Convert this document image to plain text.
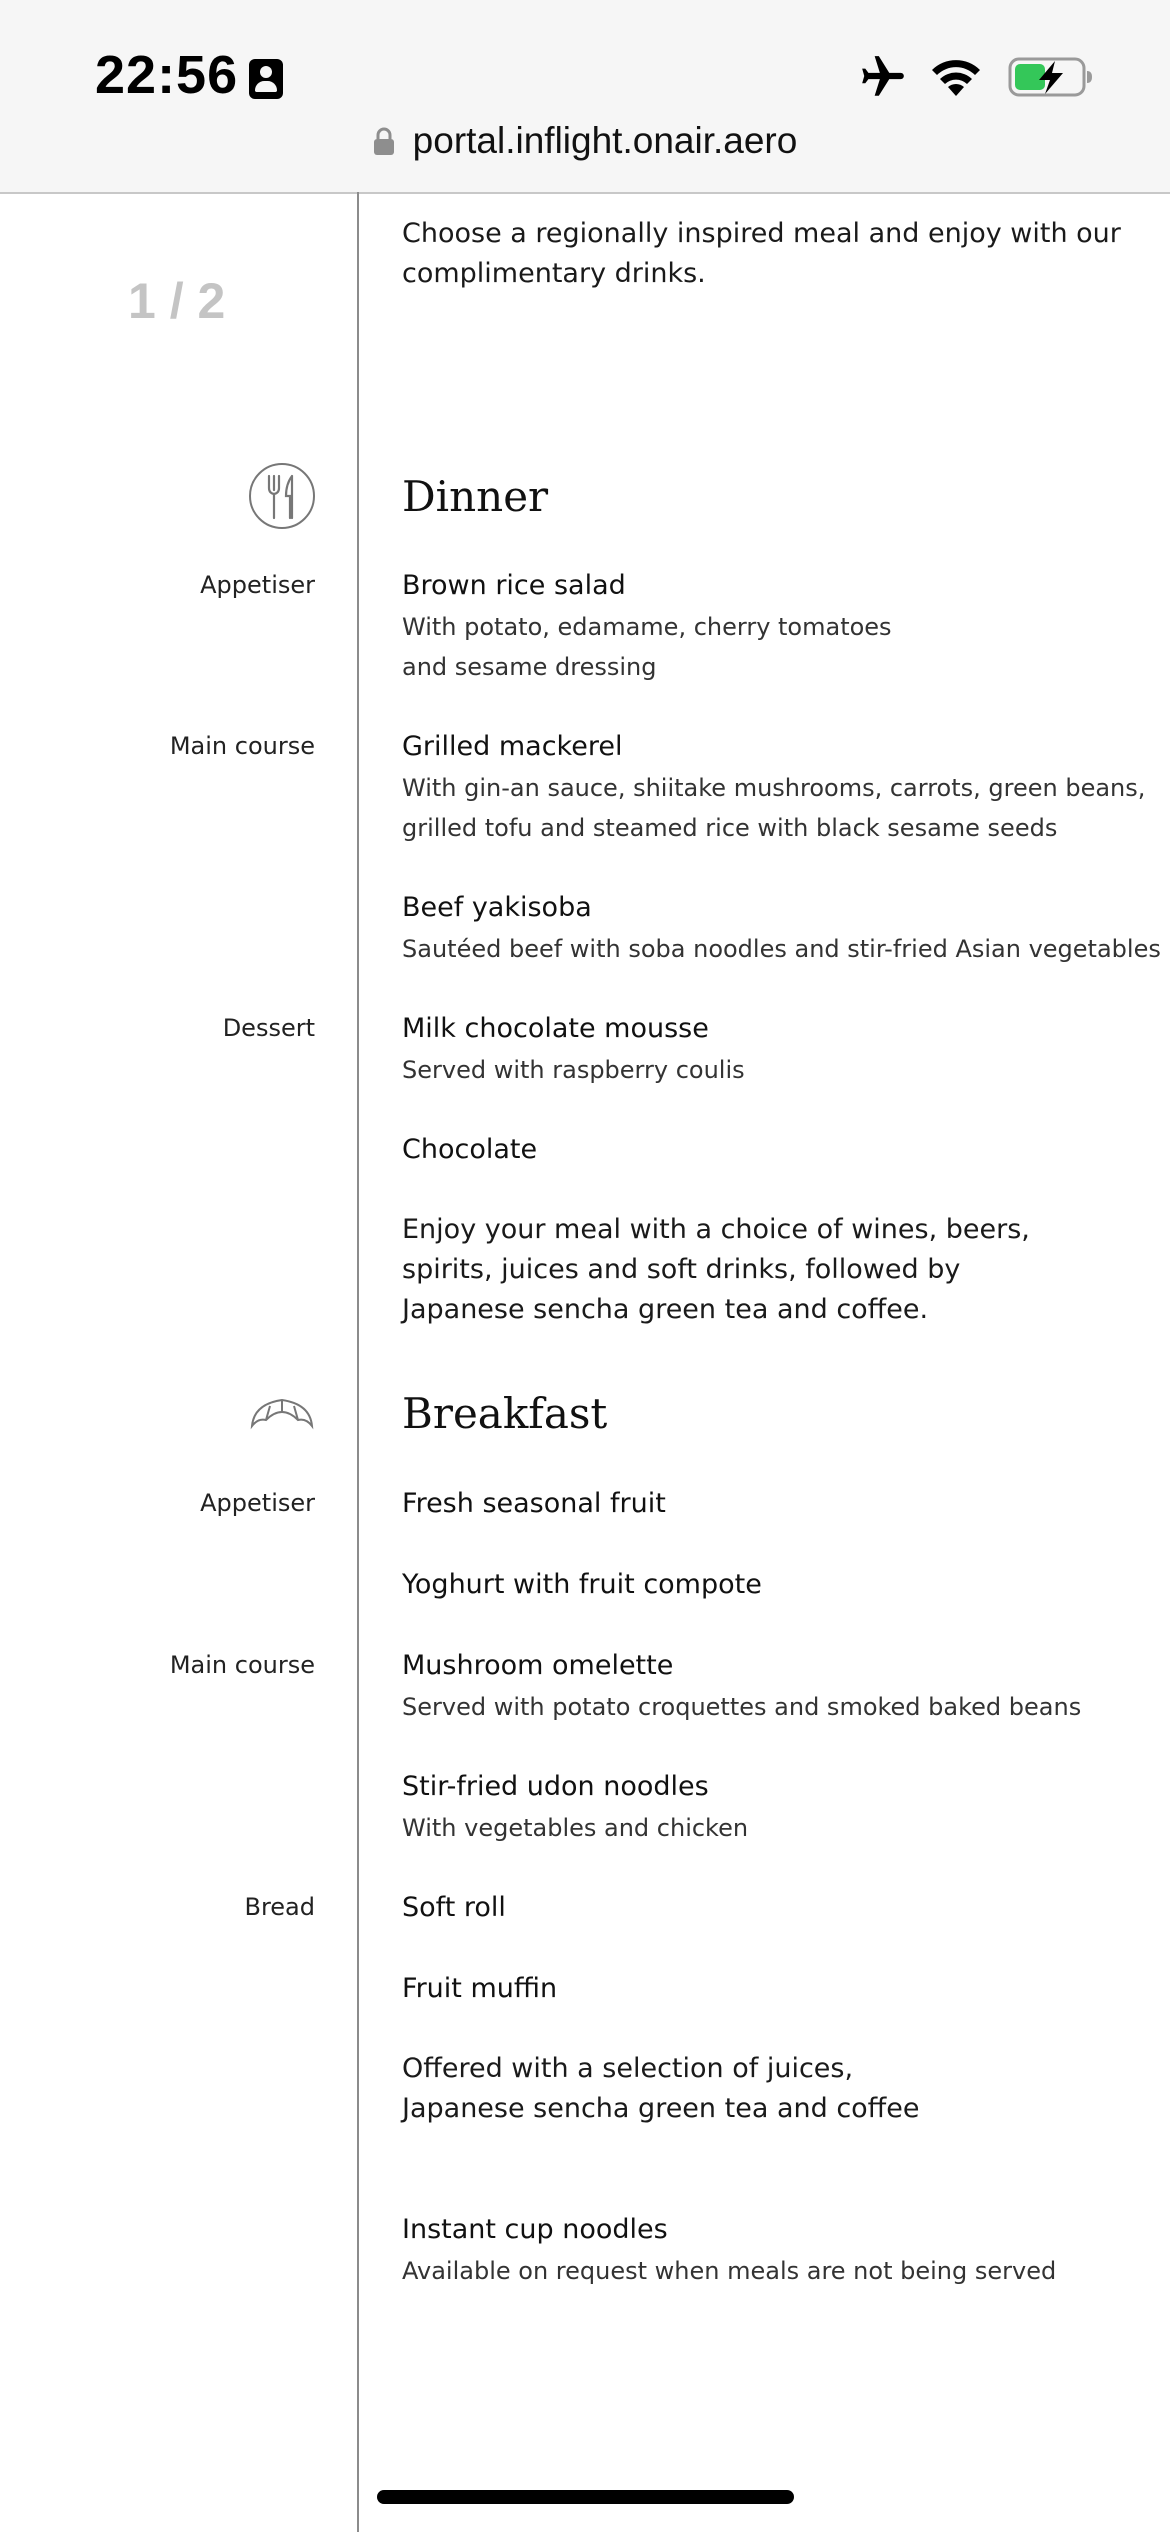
22:56
portal.inflight.onair.aero
1 / 2
Choose a regionally inspired meal and enjoy with our
complimentary drinks.
Dinner
Appetiser	Brown rice salad
With potato, edamame, cherry tomatoes
and sesame dressing
Main course	Grilled mackerel
With gin-an sauce, shiitake mushrooms, carrots, green beans,
grilled tofu and steamed rice with black sesame seeds
Beef yakisoba
Sautéed beef with soba noodles and stir-fried Asian vegetables
Dessert	Milk chocolate mousse
Served with raspberry coulis
Chocolate
Enjoy your meal with a choice of wines, beers,
spirits, juices and soft drinks, followed by
Japanese sencha green tea and coffee.
Breakfast
Appetiser	Fresh seasonal fruit
Yoghurt with fruit compote
Main course	Mushroom omelette
Served with potato croquettes and smoked baked beans
Stir-fried udon noodles
With vegetables and chicken
Bread	Soft roll
Fruit muffin
Offered with a selection of juices,
Japanese sencha green tea and coffee
Instant cup noodles
Available on request when meals are not being served
